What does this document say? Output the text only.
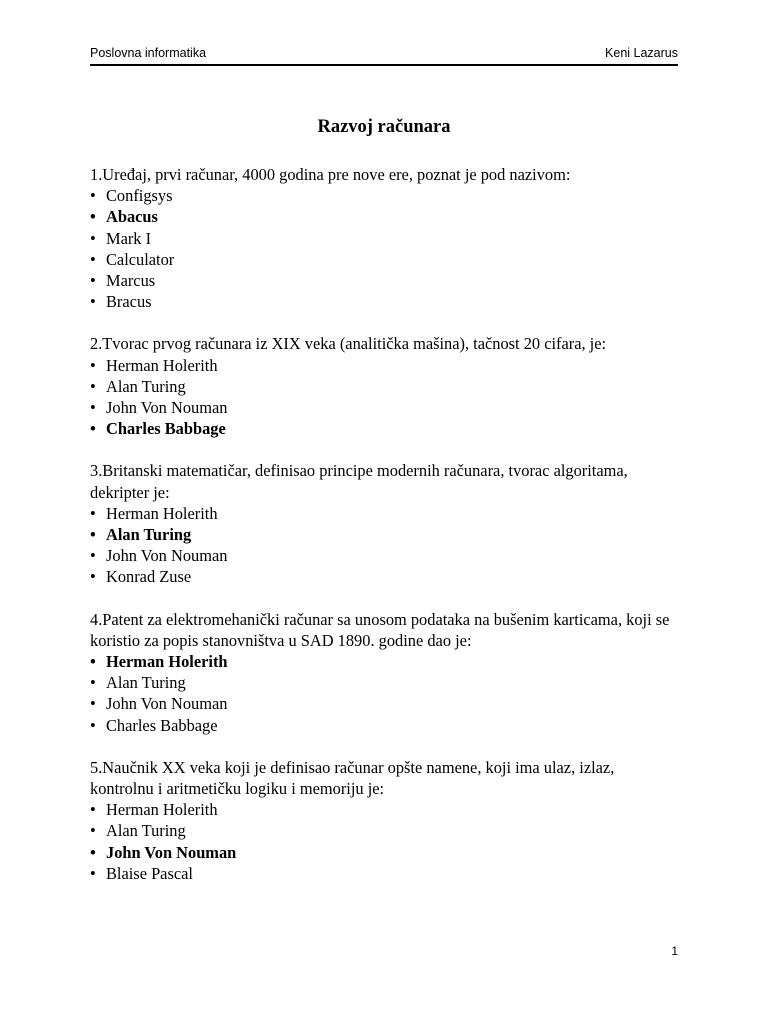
Poslovna informatika	Keni Lazarus
Razvoj računara

1.Uređaj, prvi računar, 4000 godina pre nove ere, poznat je pod nazivom:

• Configsys
• Abacus
• Mark I
• Calculator
• Marcus
• Bracus

2.Tvorac prvog računara iz XIX veka (analitička mašina), tačnost 20 cifara, je:

• Herman Holerith
• Alan Turing
• John Von Nouman
• Charles Babbage

3.Britanski matematičar, definisao principe modernih računara, tvorac algoritama, dekripter je:

• Herman Holerith
• Alan Turing
• John Von Nouman
• Konrad Zuse

4.Patent za elektromehanički računar sa unosom podataka na bušenim karticama, koji se koristio za popis stanovništva u SAD 1890. godine dao je:

• Herman Holerith
• Alan Turing
• John Von Nouman
• Charles Babbage

5.Naučnik XX veka koji je definisao računar opšte namene, koji ima ulaz, izlaz, kontrolnu i aritmetičku logiku i memoriju je:

• Herman Holerith
• Alan Turing
• John Von Nouman
• Blaise Pascal
1
